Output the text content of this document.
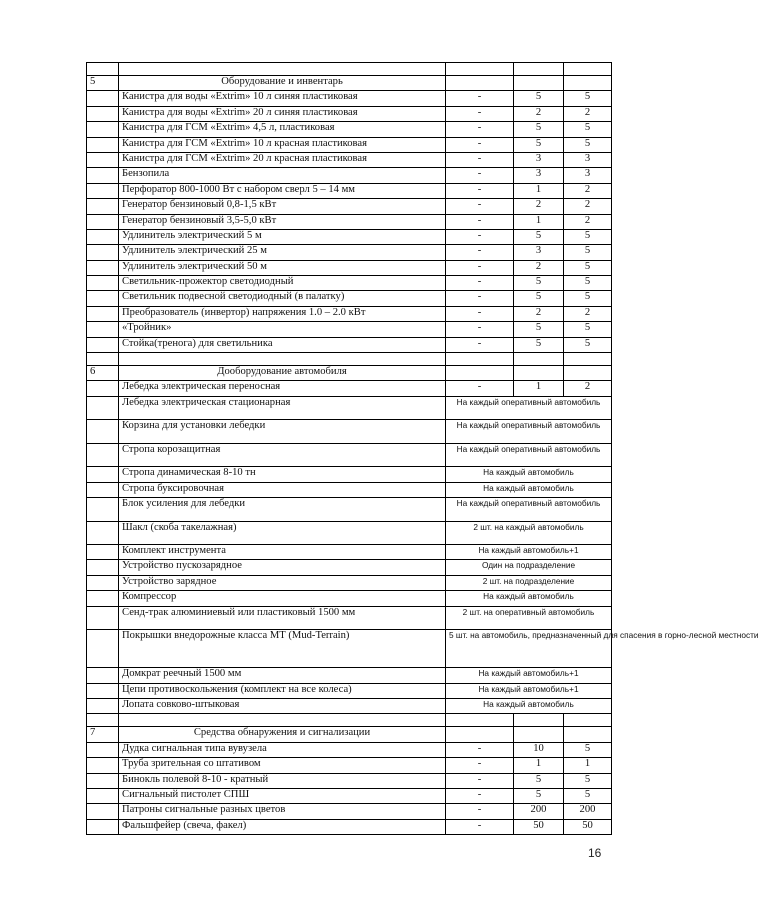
5	Оборудование и инвентарь			
	Канистра для воды «Extrim» 10 л синяя пластиковая	-	5	5
	Канистра для воды «Extrim» 20 л синяя пластиковая	-	2	2
	Канистра для ГСМ «Extrim» 4,5 л, пластиковая	-	5	5
	Канистра для ГСМ «Extrim» 10 л красная пластиковая	-	5	5
	Канистра для ГСМ «Extrim» 20 л красная пластиковая	-	3	3
	Бензопила	-	3	3
	Перфоратор 800-1000 Вт с набором сверл 5 – 14 мм	-	1	2
	Генератор бензиновый 0,8-1,5 кВт	-	2	2
	Генератор бензиновый 3,5-5,0 кВт	-	1	2
	Удлинитель электрический 5 м	-	5	5
	Удлинитель электрический 25 м	-	3	5
	Удлинитель электрический 50 м	-	2	5
	Светильник-прожектор светодиодный	-	5	5
	Светильник подвесной светодиодный (в палатку)	-	5	5
	Преобразователь (инвертор) напряжения 1.0 – 2.0 кВт	-	2	2
	«Тройник»	-	5	5
	Стойка(тренога) для светильника	-	5	5

6	Дооборудование автомобиля			
	Лебедка электрическая переносная	-	1	2
	Лебедка электрическая стационарная	На каждый оперативный автомобиль		
	Корзина для установки лебедки	На каждый оперативный автомобиль		
	Стропа корозащитная	На каждый оперативный автомобиль		
	Стропа динамическая 8-10 тн	На каждый автомобиль		
	Стропа буксировочная	На каждый автомобиль		
	Блок усиления для лебедки	На каждый оперативный автомобиль		
	Шакл (скоба такелажная)	2 шт. на каждый автомобиль		
	Комплект инструмента	На каждый автомобиль+1		
	Устройство пускозарядное	Один на подразделение		
	Устройство зарядное	2 шт. на подразделение		
	Компрессор	На каждый автомобиль		
	Сенд-трак алюминиевый или пластиковый 1500 мм	2 шт. на оперативный автомобиль		
	Покрышки внедорожные класса МТ (Mud-Terrain)	5 шт. на автомобиль, предназначенный для спасения в горно-лесной местности		
	Домкрат реечный 1500 мм	На каждый автомобиль+1		
	Цепи противоскольжения (комплект на все колеса)	На каждый автомобиль+1		
	Лопата совково-штыковая	На каждый автомобиль		

7	Средства обнаружения и сигнализации			
	Дудка сигнальная типа вувузела	-	10	5
	Труба зрительная со штативом	-	1	1
	Бинокль полевой 8-10 - кратный	-	5	5
	Сигнальный пистолет СПШ	-	5	5
	Патроны сигнальные разных цветов	-	200	200
	Фальшфейер (свеча, факел)	-	50	50
16
